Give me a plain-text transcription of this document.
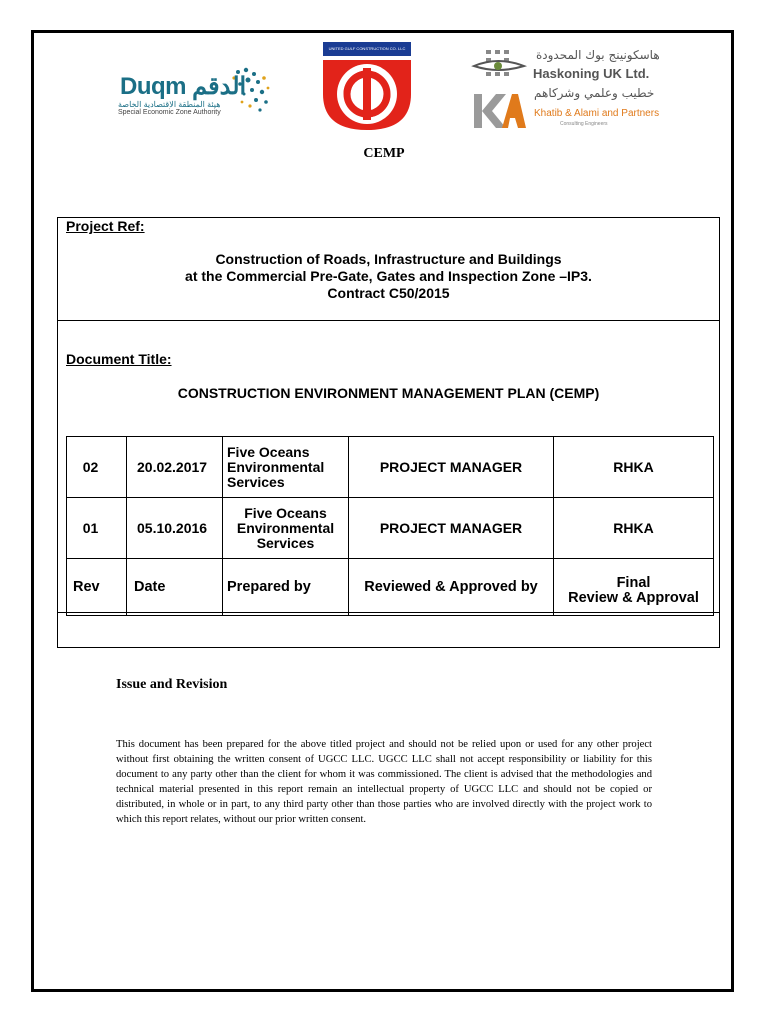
Duqm الدقم
هيئة المنطقة الاقتصادية الخاصة
Special Economic Zone Authority
UNITED GULF CONSTRUCTION CO. LLC	هاسكونينج بوك المحدودة
Haskoning UK Ltd.
خطيب وعلمي وشركاهم
Khatib & Alami and Partners
Consulting Engineers
CEMP
Project Ref:
Construction of Roads, Infrastructure and Buildings
at the Commercial Pre-Gate, Gates and Inspection Zone –IP3.
Contract C50/2015
Document Title:
CONSTRUCTION ENVIRONMENT MANAGEMENT PLAN (CEMP)
02	20.02.2017	Five Oceans Environmental Services	PROJECT MANAGER	RHKA
01	05.10.2016	Five Oceans Environmental Services	PROJECT MANAGER	RHKA
Rev	Date	Prepared by	Reviewed & Approved by	Final
Review & Approval
Issue and Revision
This document has been prepared for the above titled project and should not be relied upon or used for any other project without first obtaining the written consent of UGCC LLC. UGCC LLC shall not accept responsibility or liability for this document to any party other than the client for whom it was commissioned. The client is advised that the methodologies and technical material presented in this report remain an intellectual property of UGCC LLC and should not be copied or distributed, in whole or in part, to any third party other than those parties who are involved directly with the project work to which this report relates, without our prior written consent.
